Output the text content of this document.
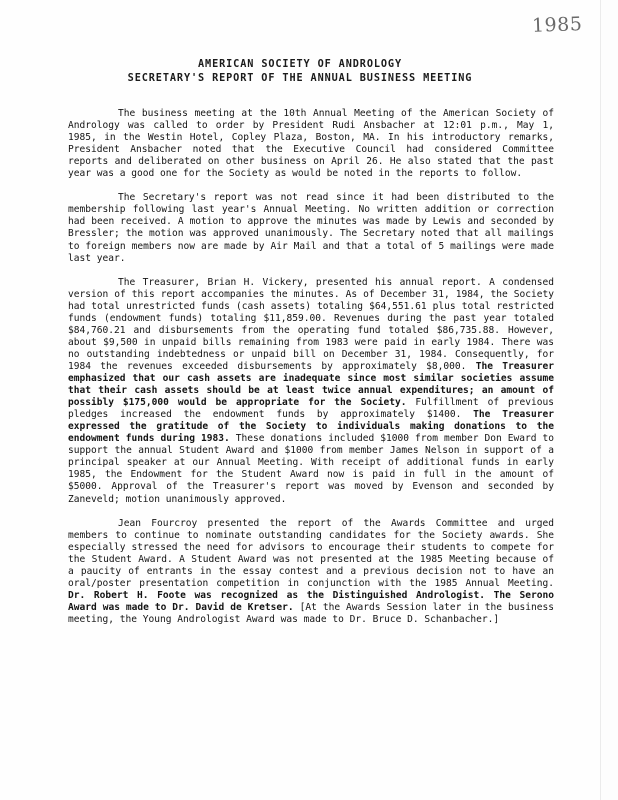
1985
AMERICAN SOCIETY OF ANDROLOGY
SECRETARY'S REPORT OF THE ANNUAL BUSINESS MEETING

The business meeting at the 10th Annual Meeting of the American Society of Andrology was called to order by President Rudi Ansbacher at 12:01 p.m., May 1, 1985, in the Westin Hotel, Copley Plaza, Boston, MA. In his introductory remarks, President Ansbacher noted that the Executive Council had considered Committee reports and deliberated on other business on April 26. He also stated that the past year was a good one for the Society as would be noted in the reports to follow.

The Secretary's report was not read since it had been distributed to the membership following last year's Annual Meeting. No written addition or correction had been received. A motion to approve the minutes was made by Lewis and seconded by Bressler; the motion was approved unanimously. The Secretary noted that all mailings to foreign members now are made by Air Mail and that a total of 5 mailings were made last year.

The Treasurer, Brian H. Vickery, presented his annual report. A condensed version of this report accompanies the minutes. As of December 31, 1984, the Society had total unrestricted funds (cash assets) totaling $64,551.61 plus total restricted funds (endowment funds) totaling $11,859.00. Revenues during the past year totaled $84,760.21 and disbursements from the operating fund totaled $86,735.88. However, about $9,500 in unpaid bills remaining from 1983 were paid in early 1984. There was no outstanding indebtedness or unpaid bill on December 31, 1984. Consequently, for 1984 the revenues exceeded disbursements by approximately $8,000. The Treasurer emphasized that our cash assets are inadequate since most similar societies assume that their cash assets should be at least twice annual expenditures; an amount of possibly $175,000 would be appropriate for the Society. Fulfillment of previous pledges increased the endowment funds by approximately $1400. The Treasurer expressed the gratitude of the Society to individuals making donations to the endowment funds during 1983. These donations included $1000 from member Don Eward to support the annual Student Award and $1000 from member James Nelson in support of a principal speaker at our Annual Meeting. With receipt of additional funds in early 1985, the Endowment for the Student Award now is paid in full in the amount of $5000. Approval of the Treasurer's report was moved by Evenson and seconded by Zaneveld; motion unanimously approved.

Jean Fourcroy presented the report of the Awards Committee and urged members to continue to nominate outstanding candidates for the Society awards. She especially stressed the need for advisors to encourage their students to compete for the Student Award. A Student Award was not presented at the 1985 Meeting because of a paucity of entrants in the essay contest and a previous decision not to have an oral/poster presentation competition in conjunction with the 1985 Annual Meeting. Dr. Robert H. Foote was recognized as the Distinguished Andrologist. The Serono Award was made to Dr. David de Kretser. [At the Awards Session later in the business meeting, the Young Andrologist Award was made to Dr. Bruce D. Schanbacher.]
